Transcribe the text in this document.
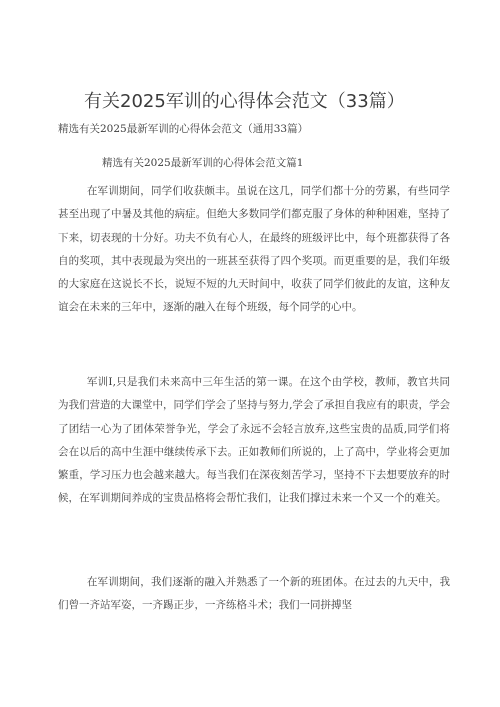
有关2025军训的心得体会范文（33篇）
精选有关2025最新军训的心得体会范文（通用33篇）
精选有关2025最新军训的心得体会范文篇1

在军训期间，同学们收获颇丰。虽说在这几，同学们都十分的劳累，有些同学甚至出现了中暑及其他的病症。但绝大多数同学们都克服了身体的种种困难，坚持了下来，切表现的十分好。功夫不负有心人，在最终的班级评比中，每个班都获得了各自的奖项，其中表现最为突出的一班甚至获得了四个奖项。而更重要的是，我们年级的大家庭在这说长不长，说短不短的九天时间中，收获了同学们彼此的友谊，这种友谊会在未来的三年中，逐渐的融入在每个班级，每个同学的心中。

军训I,只是我们未来高中三年生活的第一课。在这个由学校，教师，教官共同为我们营造的大课堂中，同学们学会了坚持与努力,学会了承担自我应有的职责，学会了团结一心为了团体荣誉争光，学会了永远不会轻言放弃,这些宝贵的品质,同学们将会在以后的高中生涯中继续传承下去。正如教师们所说的，上了高中，学业将会更加繁重，学习压力也会越来越大。每当我们在深夜刻苦学习，坚持不下去想要放弃的时候，在军训期间养成的宝贵品格将会帮忙我们，让我们撑过未来一个又一个的难关。

在军训期间，我们逐渐的融入并熟悉了一个新的班团体。在过去的九天中，我们曾一齐站军姿，一齐踢正步，一齐练格斗术；我们一同拼搏坚
